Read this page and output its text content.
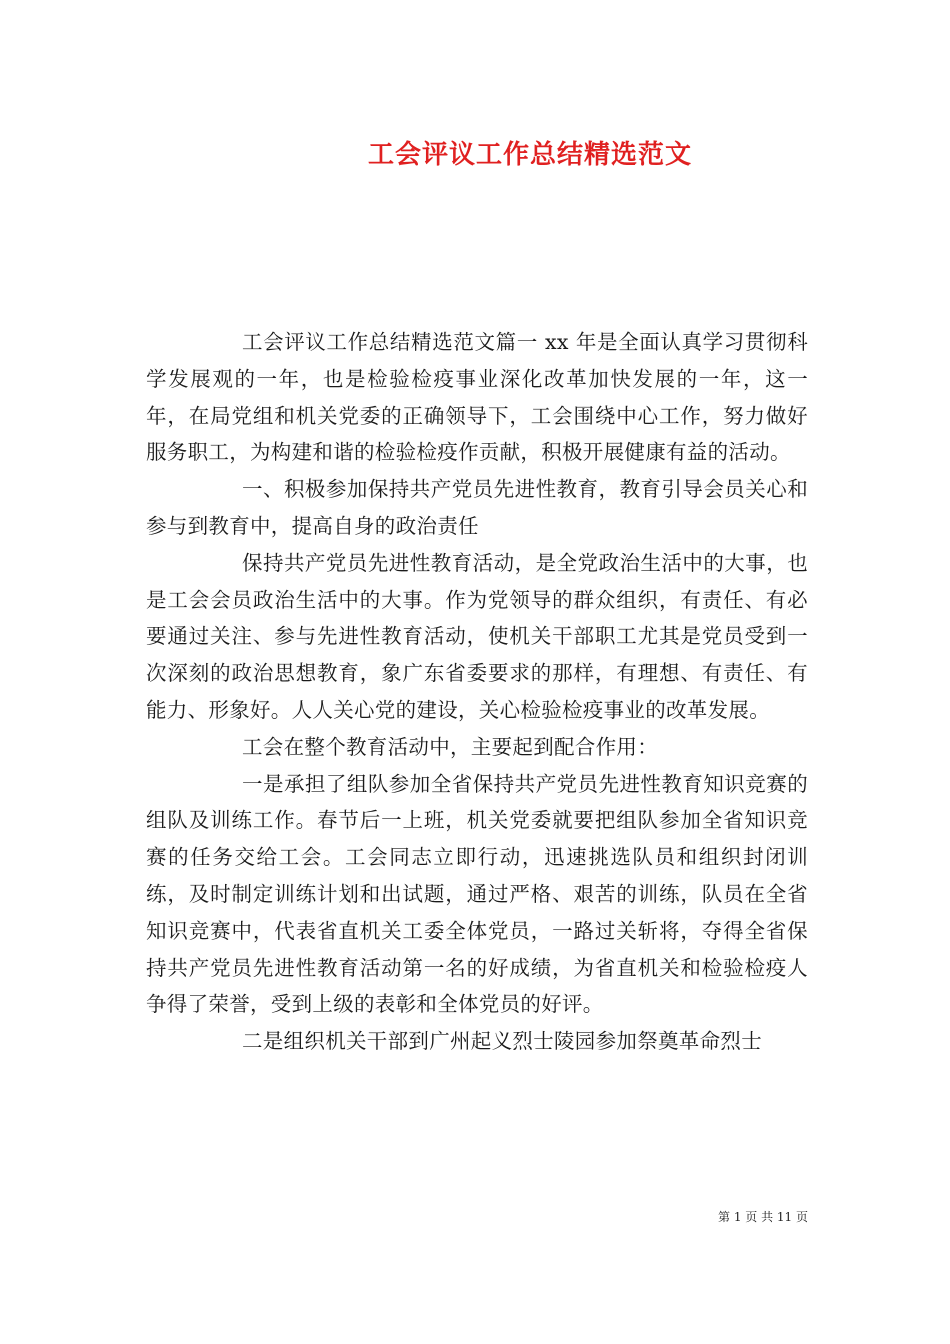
工会评议工作总结精选范文

工会评议工作总结精选范文篇一 xx 年是全面认真学习贯彻科学发展观的一年，也是检验检疫事业深化改革加快发展的一年，这一年，在局党组和机关党委的正确领导下，工会围绕中心工作，努力做好服务职工，为构建和谐的检验检疫作贡献，积极开展健康有益的活动。

一、积极参加保持共产党员先进性教育，教育引导会员关心和参与到教育中，提高自身的政治责任

保持共产党员先进性教育活动，是全党政治生活中的大事，也是工会会员政治生活中的大事。作为党领导的群众组织，有责任、有必要通过关注、参与先进性教育活动，使机关干部职工尤其是党员受到一次深刻的政治思想教育，象广东省委要求的那样，有理想、有责任、有能力、形象好。人人关心党的建设，关心检验检疫事业的改革发展。

工会在整个教育活动中，主要起到配合作用：

一是承担了组队参加全省保持共产党员先进性教育知识竞赛的组队及训练工作。春节后一上班，机关党委就要把组队参加全省知识竞赛的任务交给工会。工会同志立即行动，迅速挑选队员和组织封闭训练，及时制定训练计划和出试题，通过严格、艰苦的训练，队员在全省知识竞赛中，代表省直机关工委全体党员，一路过关斩将，夺得全省保持共产党员先进性教育活动第一名的好成绩，为省直机关和检验检疫人争得了荣誉，受到上级的表彰和全体党员的好评。

二是组织机关干部到广州起义烈士陵园参加祭奠革命烈士

第 1 页 共 11 页
